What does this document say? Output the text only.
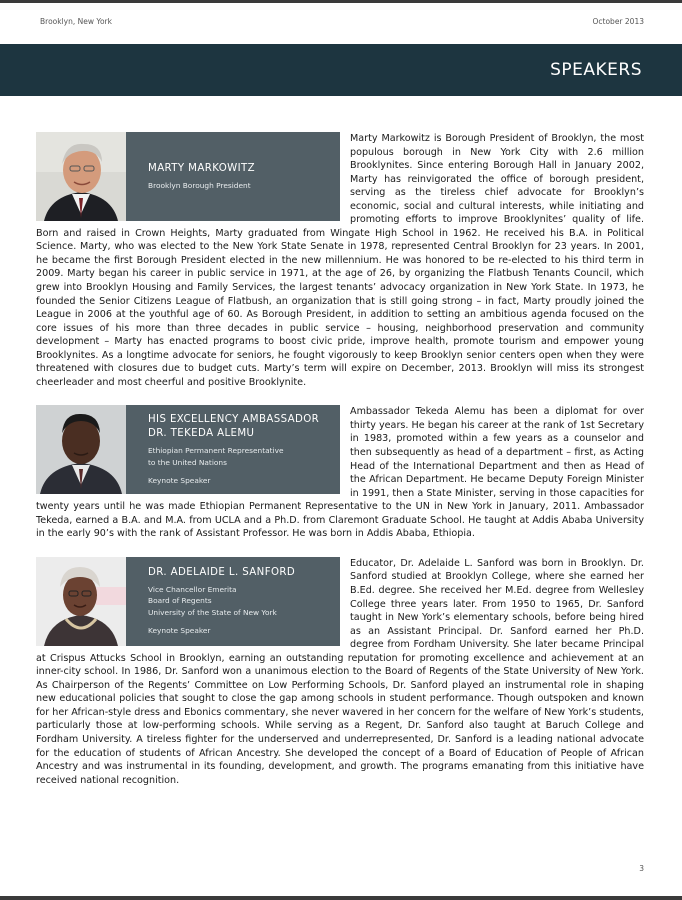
Brooklyn, New York	October 2013
SPEAKERS
MARTY MARKOWITZ
Brooklyn Borough President

Marty Markowitz is Borough President of Brooklyn, the most populous borough in New York City with 2.6 million Brooklynites. Since entering Borough Hall in January 2002, Marty has reinvigorated the office of borough president, serving as the tireless chief advocate for Brooklyn’s economic, social and cultural interests, while initiating and promoting efforts to improve Brooklynites’ quality of life. Born and raised in Crown Heights, Marty graduated from Wingate High School in 1962. He received his B.A. in Political Science. Marty, who was elected to the New York State Senate in 1978, represented Central Brooklyn for 23 years. In 2001, he became the first Borough President elected in the new millennium. He was honored to be re-elected to his third term in 2009. Marty began his career in public service in 1971, at the age of 26, by organizing the Flatbush Tenants Council, which grew into Brooklyn Housing and Family Services, the largest tenants’ advocacy organization in New York State. In 1973, he founded the Senior Citizens League of Flatbush, an organization that is still going strong – in fact, Marty proudly joined the League in 2006 at the youthful age of 60. As Borough President, in addition to setting an ambitious agenda focused on the core issues of his more than three decades in public service – housing, neighborhood preservation and community development – Marty has enacted programs to boost civic pride, improve health, promote tourism and empower young Brooklynites. As a longtime advocate for seniors, he fought vigorously to keep Brooklyn senior centers open when they were threatened with closures due to budget cuts. Marty’s term will expire on December, 2013. Brooklyn will miss its strongest cheerleader and most cheerful and positive Brooklynite.

HIS EXCELLENCY AMBASSADOR
DR. TEKEDA ALEMU
Ethiopian Permanent Representative
to the United Nations
Keynote Speaker

Ambassador Tekeda Alemu has been a diplomat for over thirty years. He began his career at the rank of 1st Secretary in 1983, promoted within a few years as a counselor and then subsequently as head of a department – first, as Acting Head of the International Department and then as Head of the African Department. He became Deputy Foreign Minister in 1991, then a State Minister, serving in those capacities for twenty years until he was made Ethiopian Permanent Representative to the UN in New York in January, 2011. Ambassador Tekeda, earned a B.A. and M.A. from UCLA and a Ph.D. from Claremont Graduate School. He taught at Addis Ababa University in the early 90’s with the rank of Assistant Professor. He was born in Addis Ababa, Ethiopia.

DR. ADELAIDE L. SANFORD
Vice Chancellor Emerita
Board of Regents
University of the State of New York
Keynote Speaker

Educator, Dr. Adelaide L. Sanford was born in Brooklyn. Dr. Sanford studied at Brooklyn College, where she earned her B.Ed. degree. She received her M.Ed. degree from Wellesley College three years later. From 1950 to 1965, Dr. Sanford taught in New York’s elementary schools, before being hired as an Assistant Principal. Dr. Sanford earned her Ph.D. degree from Fordham University. She later became Principal at Crispus Attucks School in Brooklyn, earning an outstanding reputation for promoting excellence and achievement at an inner-city school. In 1986, Dr. Sanford won a unanimous election to the Board of Regents of the State University of New York. As Chairperson of the Regents’ Committee on Low Performing Schools, Dr. Sanford played an instrumental role in shaping new educational policies that sought to close the gap among schools in student performance. Though outspoken and known for her African-style dress and Ebonics commentary, she never wavered in her concern for the welfare of New York’s students, particularly those at low-performing schools. While serving as a Regent, Dr. Sanford also taught at Baruch College and Fordham University. A tireless fighter for the underserved and underrepresented, Dr. Sanford is a leading national advocate for the education of students of African Ancestry. She developed the concept of a Board of Education of People of African Ancestry and was instrumental in its founding, development, and growth. The programs emanating from this initiative have received national recognition.

3
